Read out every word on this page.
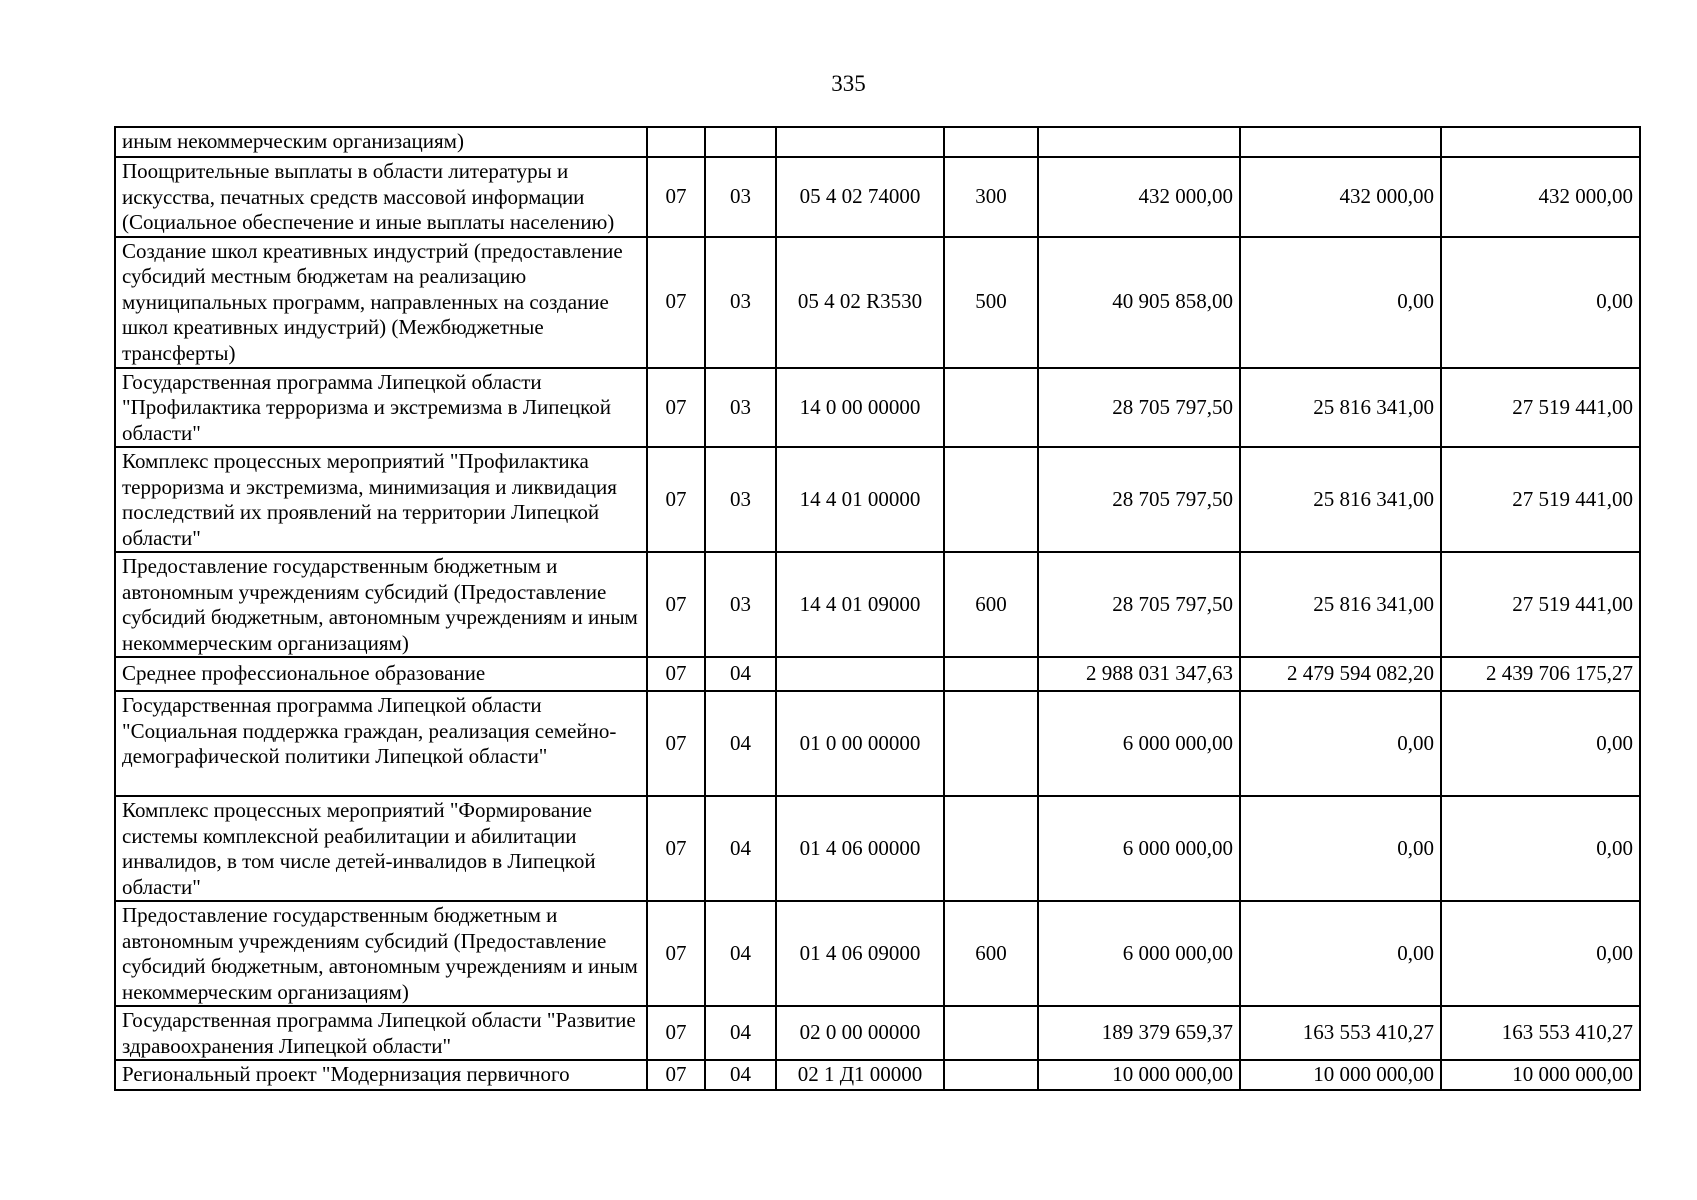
335
иным некоммерческим организациям)							
Поощрительные выплаты в области литературы и искусства, печатных средств массовой информации (Социальное обеспечение и иные выплаты населению)	07	03	05 4 02 74000	300	432 000,00	432 000,00	432 000,00
Создание школ креативных индустрий (предоставление субсидий местным бюджетам на реализацию муниципальных программ, направленных на создание школ креативных индустрий) (Межбюджетные трансферты)	07	03	05 4 02 R3530	500	40 905 858,00	0,00	0,00
Государственная программа Липецкой области "Профилактика терроризма и экстремизма в Липецкой области"	07	03	14 0 00 00000		28 705 797,50	25 816 341,00	27 519 441,00
Комплекс процессных мероприятий "Профилактика терроризма и экстремизма, минимизация и ликвидация последствий их проявлений на территории Липецкой области"	07	03	14 4 01 00000		28 705 797,50	25 816 341,00	27 519 441,00
Предоставление государственным бюджетным и автономным учреждениям субсидий (Предоставление субсидий бюджетным, автономным учреждениям и иным некоммерческим организациям)	07	03	14 4 01 09000	600	28 705 797,50	25 816 341,00	27 519 441,00
Среднее профессиональное образование	07	04			2 988 031 347,63	2 479 594 082,20	2 439 706 175,27
Государственная программа Липецкой области "Социальная поддержка граждан, реализация семейно-демографической политики Липецкой области"	07	04	01 0 00 00000		6 000 000,00	0,00	0,00
Комплекс процессных мероприятий "Формирование системы комплексной реабилитации и абилитации инвалидов, в том числе детей-инвалидов в Липецкой области"	07	04	01 4 06 00000		6 000 000,00	0,00	0,00
Предоставление государственным бюджетным и автономным учреждениям субсидий (Предоставление субсидий бюджетным, автономным учреждениям и иным некоммерческим организациям)	07	04	01 4 06 09000	600	6 000 000,00	0,00	0,00
Государственная программа Липецкой области "Развитие здравоохранения Липецкой области"	07	04	02 0 00 00000		189 379 659,37	163 553 410,27	163 553 410,27
Региональный проект "Модернизация первичного	07	04	02 1 Д1 00000		10 000 000,00	10 000 000,00	10 000 000,00
